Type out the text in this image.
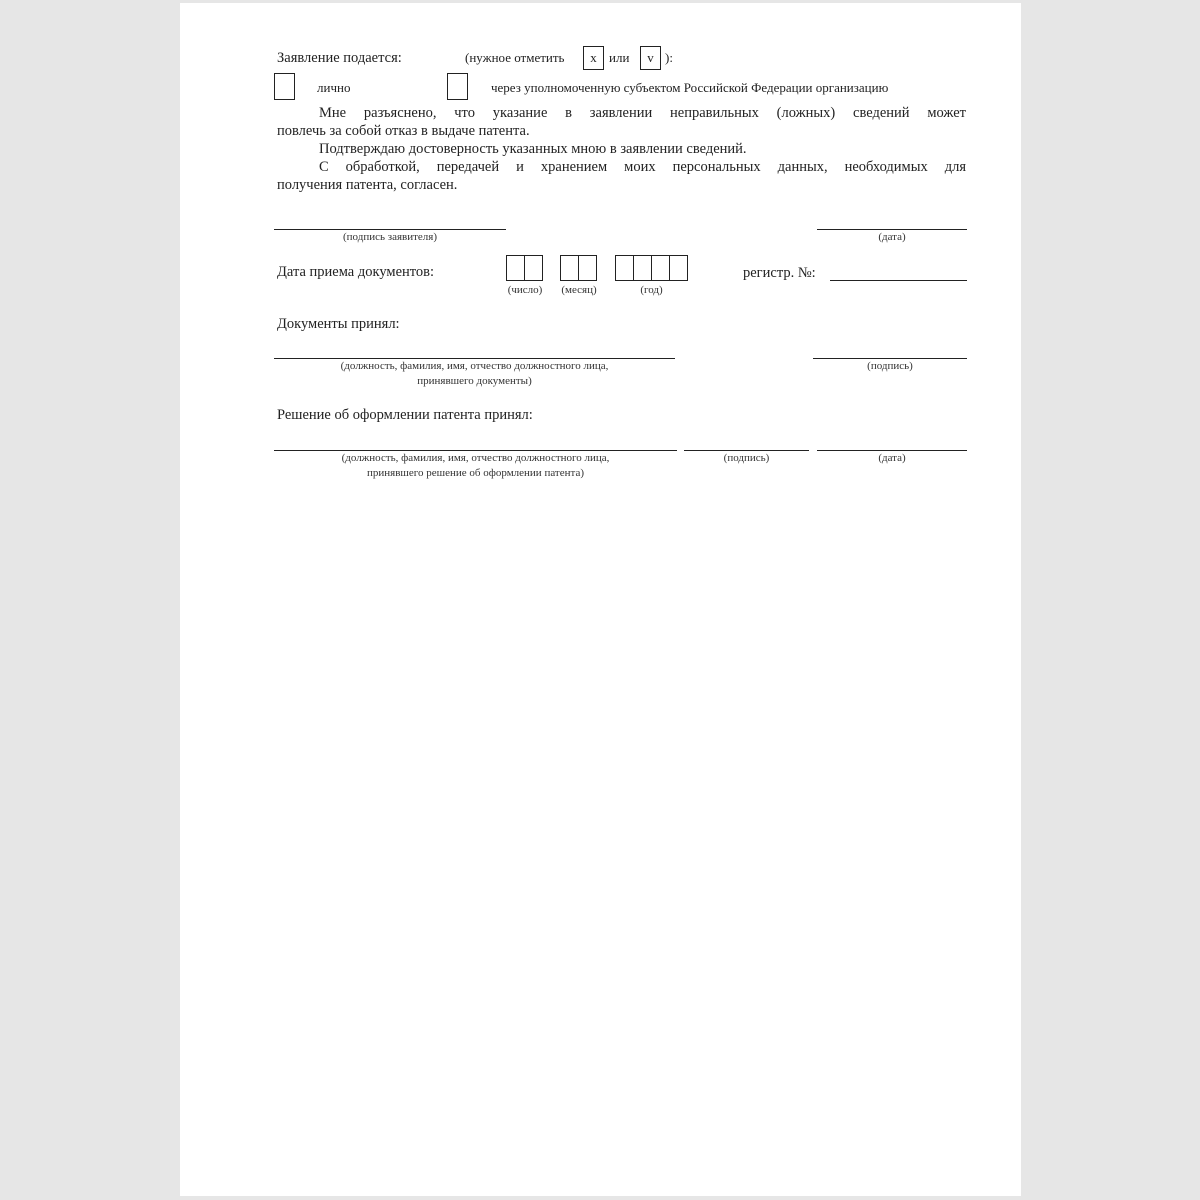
Заявление подается:	(нужное отметить	x или	v ):
лично	через уполномоченную субъектом Российской Федерации организацию
Мне разъяснено, что указание в заявлении неправильных (ложных) сведений может
повлечь за собой отказ в выдаче патента.
Подтверждаю достоверность указанных мною в заявлении сведений.
С обработкой, передачей и хранением моих персональных данных, необходимых для
получения патента, согласен.
(подпись заявителя)	(дата)
Дата приема документов:
(число)	(месяц)	(год)
регистр. №:
Документы принял:
(должность, фамилия, имя, отчество должностного лица,
принявшего документы)
(подпись)
Решение об оформлении патента принял:
(должность, фамилия, имя, отчество должностного лица,
принявшего решение об оформлении патента)
(подпись)	(дата)
